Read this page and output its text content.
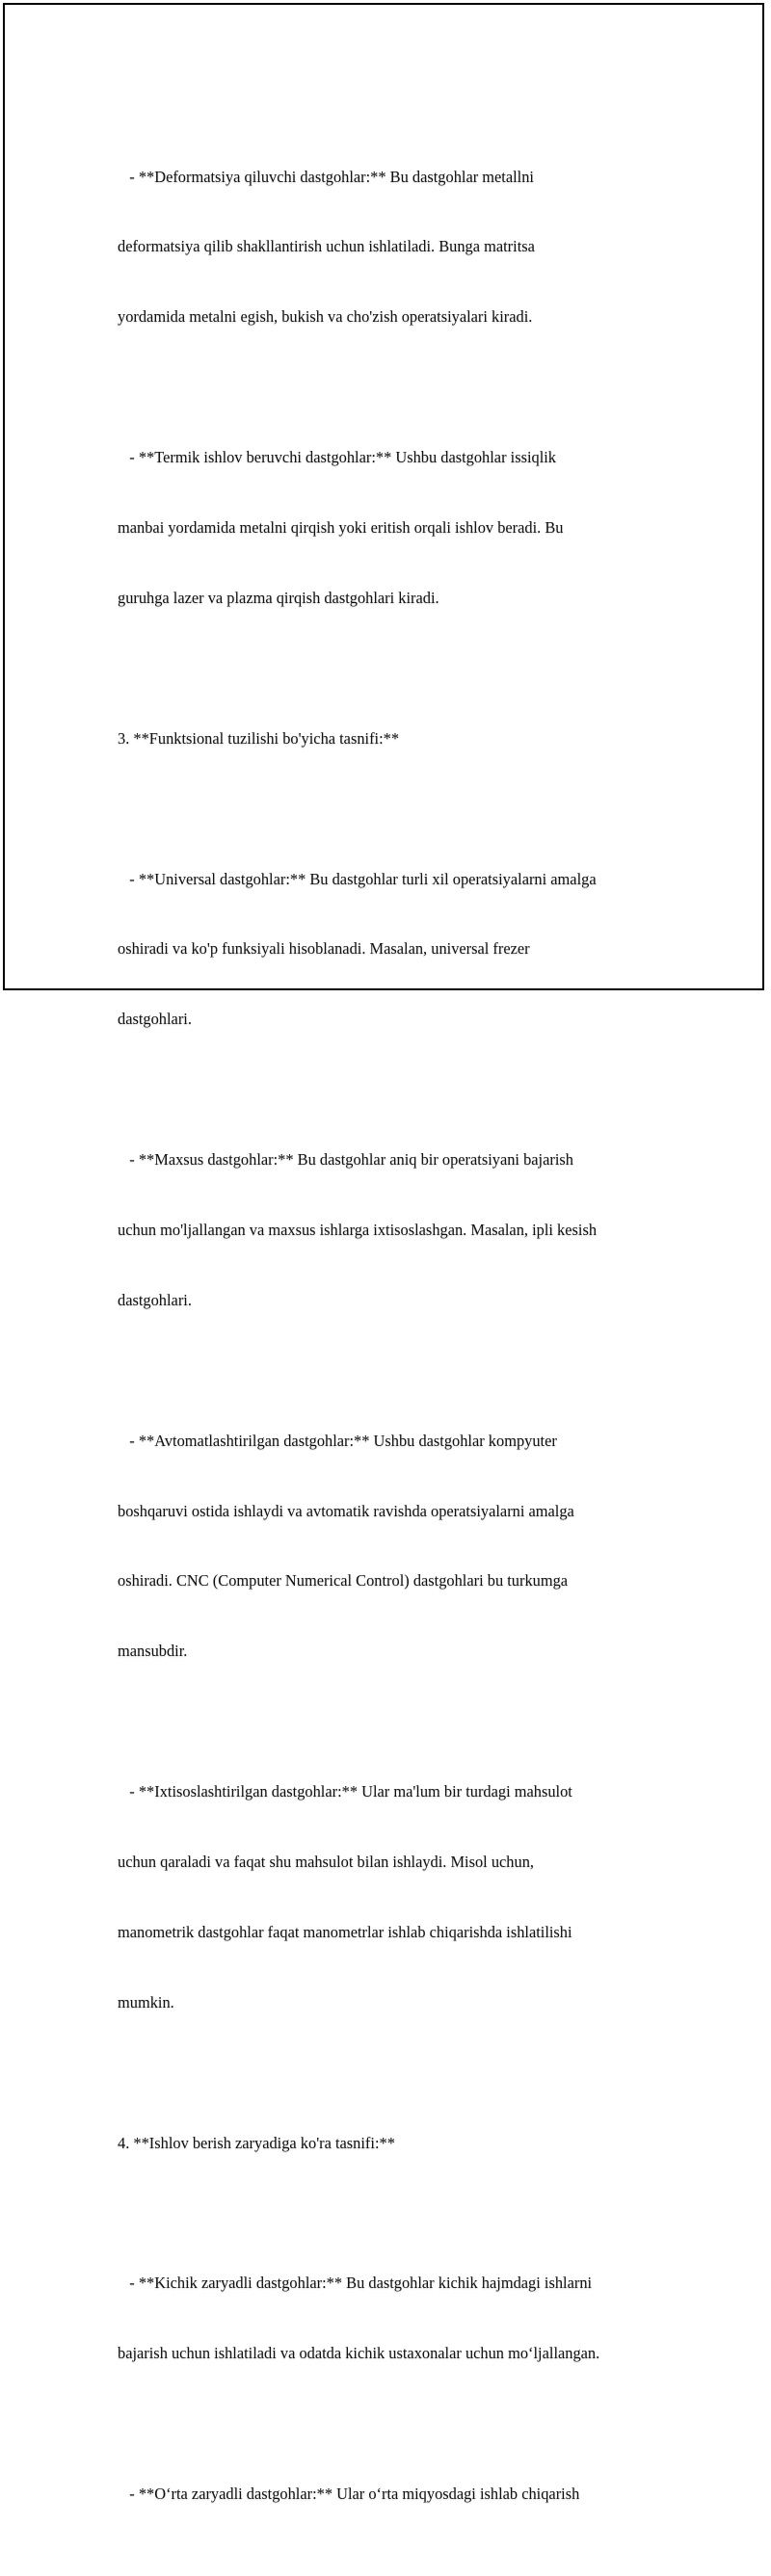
- **Deformatsiya qiluvchi dastgohlar:** Bu dastgohlar metallni

deformatsiya qilib shakllantirish uchun ishlatiladi. Bunga matritsa

yordamida metalni egish, bukish va cho'zish operatsiyalari kiradi.

- **Termik ishlov beruvchi dastgohlar:** Ushbu dastgohlar issiqlik

manbai yordamida metalni qirqish yoki eritish orqali ishlov beradi. Bu

guruhga lazer va plazma qirqish dastgohlari kiradi.

3. **Funktsional tuzilishi bo'yicha tasnifi:**

- **Universal dastgohlar:** Bu dastgohlar turli xil operatsiyalarni amalga

oshiradi va ko'p funksiyali hisoblanadi. Masalan, universal frezer

dastgohlari.

- **Maxsus dastgohlar:** Bu dastgohlar aniq bir operatsiyani bajarish

uchun mo'ljallangan va maxsus ishlarga ixtisoslashgan. Masalan, ipli kesish

dastgohlari.

- **Avtomatlashtirilgan dastgohlar:** Ushbu dastgohlar kompyuter

boshqaruvi ostida ishlaydi va avtomatik ravishda operatsiyalarni amalga

oshiradi. CNC (Computer Numerical Control) dastgohlari bu turkumga

mansubdir.

- **Ixtisoslashtirilgan dastgohlar:** Ular ma'lum bir turdagi mahsulot

uchun qaraladi va faqat shu mahsulot bilan ishlaydi. Misol uchun,

manometrik dastgohlar faqat manometrlar ishlab chiqarishda ishlatilishi

mumkin.

4. **Ishlov berish zaryadiga ko'ra tasnifi:**

- **Kichik zaryadli dastgohlar:** Bu dastgohlar kichik hajmdagi ishlarni

bajarish uchun ishlatiladi va odatda kichik ustaxonalar uchun mo‘ljallangan.

- **O‘rta zaryadli dastgohlar:** Ular o‘rta miqyosdagi ishlab chiqarish
